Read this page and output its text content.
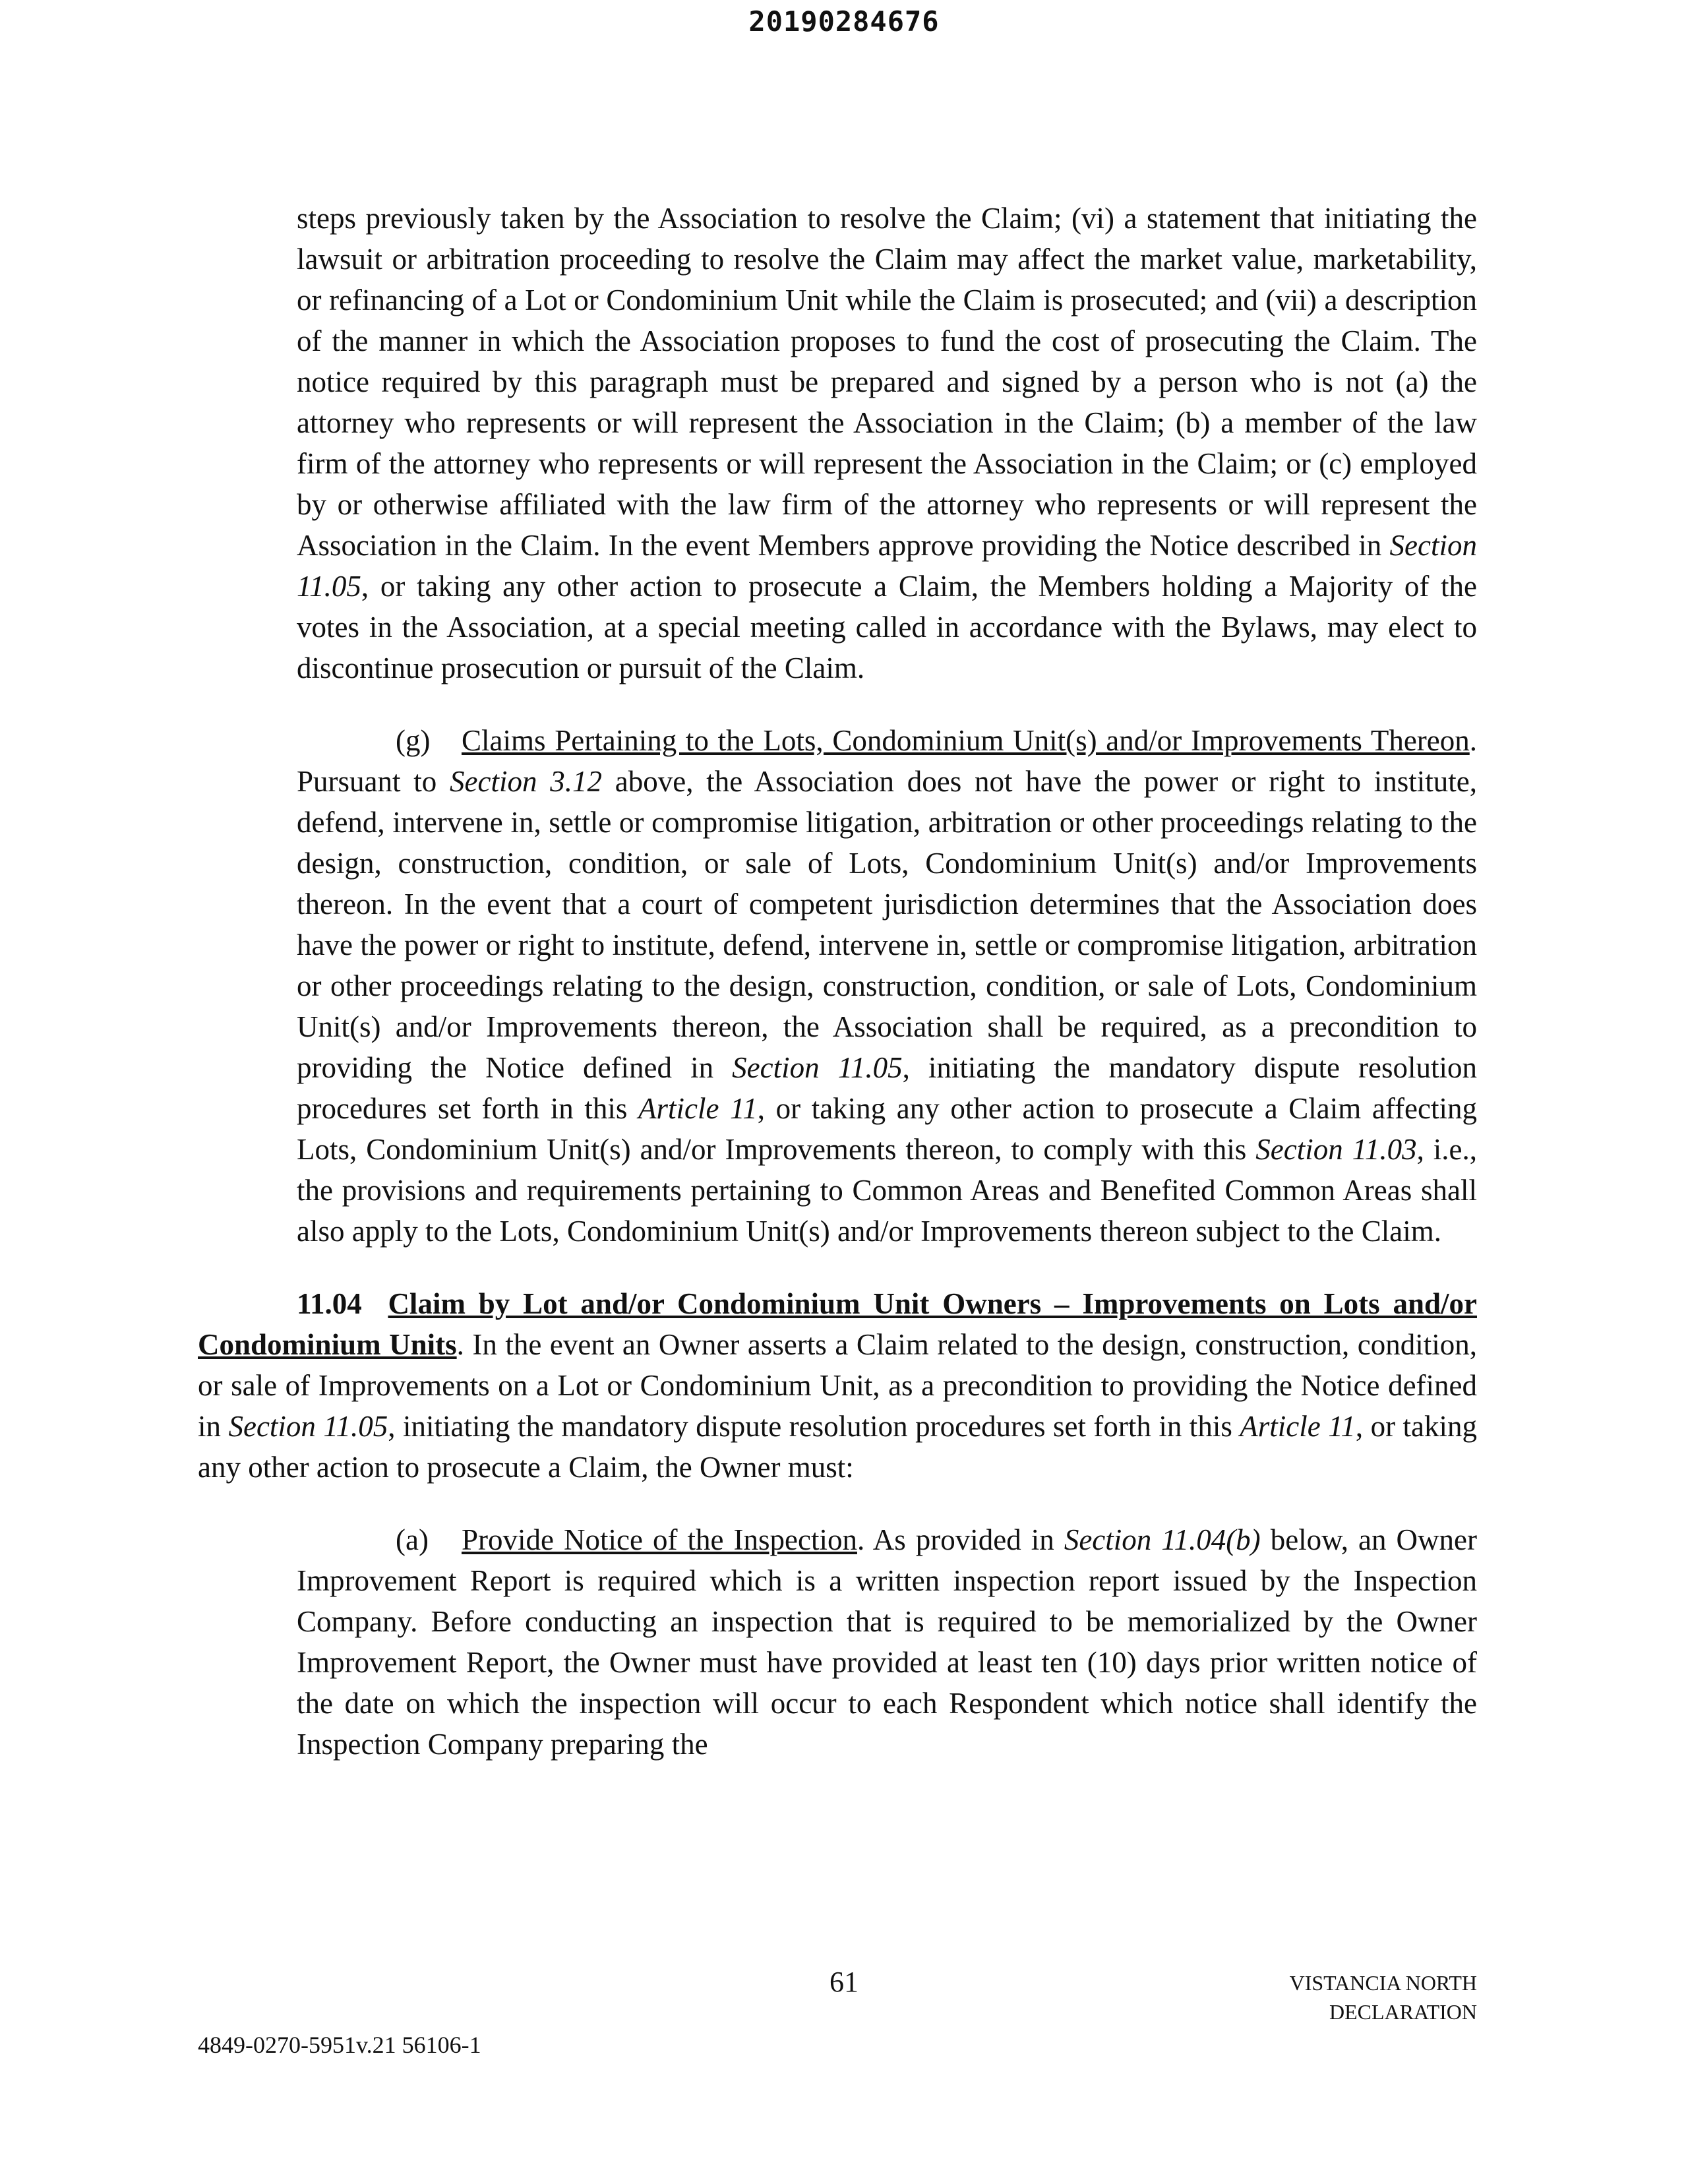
20190284676

steps previously taken by the Association to resolve the Claim; (vi) a statement that initiating the lawsuit or arbitration proceeding to resolve the Claim may affect the market value, marketability, or refinancing of a Lot or Condominium Unit while the Claim is prosecuted; and (vii) a description of the manner in which the Association proposes to fund the cost of prosecuting the Claim. The notice required by this paragraph must be prepared and signed by a person who is not (a) the attorney who represents or will represent the Association in the Claim; (b) a member of the law firm of the attorney who represents or will represent the Association in the Claim; or (c) employed by or otherwise affiliated with the law firm of the attorney who represents or will represent the Association in the Claim. In the event Members approve providing the Notice described in Section 11.05, or taking any other action to prosecute a Claim, the Members holding a Majority of the votes in the Association, at a special meeting called in accordance with the Bylaws, may elect to discontinue prosecution or pursuit of the Claim.

(g) Claims Pertaining to the Lots, Condominium Unit(s) and/or Improvements Thereon. Pursuant to Section 3.12 above, the Association does not have the power or right to institute, defend, intervene in, settle or compromise litigation, arbitration or other proceedings relating to the design, construction, condition, or sale of Lots, Condominium Unit(s) and/or Improvements thereon. In the event that a court of competent jurisdiction determines that the Association does have the power or right to institute, defend, intervene in, settle or compromise litigation, arbitration or other proceedings relating to the design, construction, condition, or sale of Lots, Condominium Unit(s) and/or Improvements thereon, the Association shall be required, as a precondition to providing the Notice defined in Section 11.05, initiating the mandatory dispute resolution procedures set forth in this Article 11, or taking any other action to prosecute a Claim affecting Lots, Condominium Unit(s) and/or Improvements thereon, to comply with this Section 11.03, i.e., the provisions and requirements pertaining to Common Areas and Benefited Common Areas shall also apply to the Lots, Condominium Unit(s) and/or Improvements thereon subject to the Claim.

11.04 Claim by Lot and/or Condominium Unit Owners – Improvements on Lots and/or Condominium Units. In the event an Owner asserts a Claim related to the design, construction, condition, or sale of Improvements on a Lot or Condominium Unit, as a precondition to providing the Notice defined in Section 11.05, initiating the mandatory dispute resolution procedures set forth in this Article 11, or taking any other action to prosecute a Claim, the Owner must:

(a) Provide Notice of the Inspection. As provided in Section 11.04(b) below, an Owner Improvement Report is required which is a written inspection report issued by the Inspection Company. Before conducting an inspection that is required to be memorialized by the Owner Improvement Report, the Owner must have provided at least ten (10) days prior written notice of the date on which the inspection will occur to each Respondent which notice shall identify the Inspection Company preparing the

61	VISTANCIA NORTH
DECLARATION
4849-0270-5951v.21 56106-1
